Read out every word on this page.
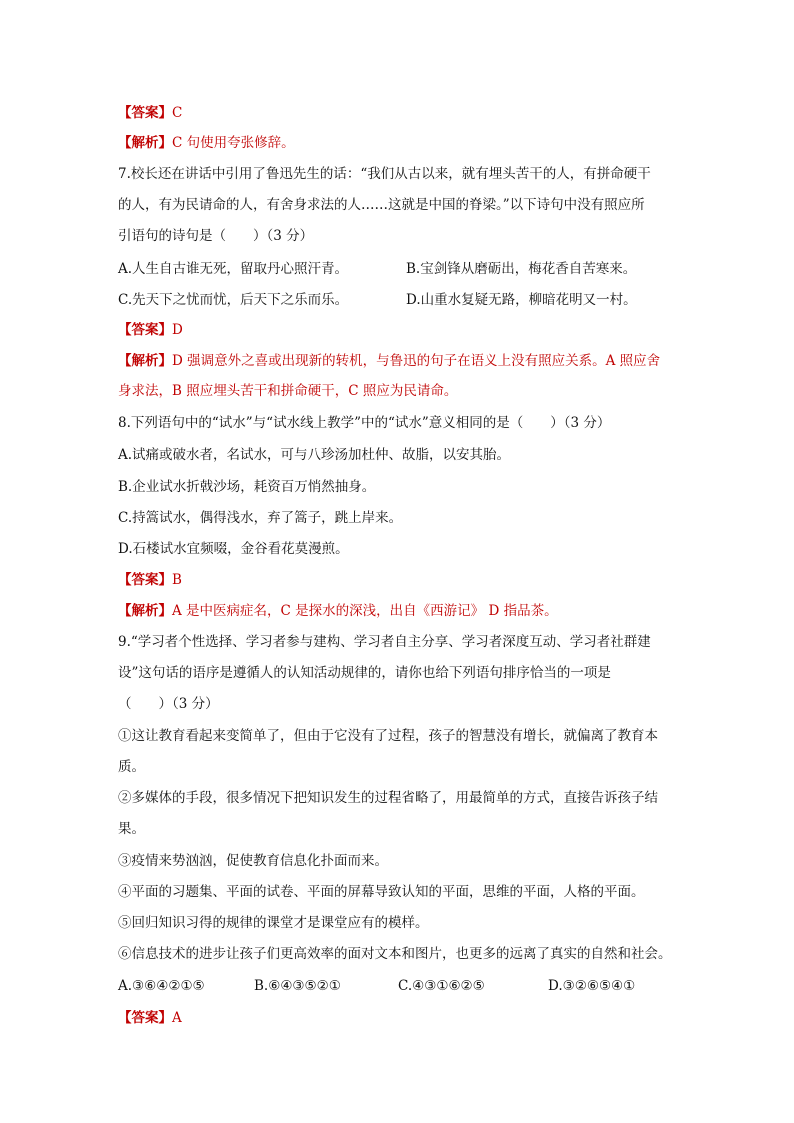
【答案】C
【解析】C 句使用夸张修辞。
7.校长还在讲话中引用了鲁迅先生的话：“我们从古以来，就有埋头苦干的人，有拼命硬干
的人，有为民请命的人，有舍身求法的人……这就是中国的脊梁。”以下诗句中没有照应所
引语句的诗句是（　　）（3 分）
A.人生自古谁无死，留取丹心照汗青。	B.宝剑锋从磨砺出，梅花香自苦寒来。
C.先天下之忧而忧，后天下之乐而乐。	D.山重水复疑无路，柳暗花明又一村。
【答案】D
【解析】D 强调意外之喜或出现新的转机，与鲁迅的句子在语义上没有照应关系。A 照应舍
身求法，B 照应埋头苦干和拼命硬干，C 照应为民请命。
8.下列语句中的“试水”与“试水线上教学”中的“试水”意义相同的是（　　）（3 分）
A.试痛或破水者，名试水，可与八珍汤加杜仲、故脂，以安其胎。
B.企业试水折戟沙场，耗资百万悄然抽身。
C.持篙试水，偶得浅水，弃了篙子，跳上岸来。
D.石楼试水宜频啜，金谷看花莫漫煎。
【答案】B
【解析】A 是中医病症名，C 是探水的深浅，出自《西游记》 D 指品茶。
9.“学习者个性选择、学习者参与建构、学习者自主分享、学习者深度互动、学习者社群建
设”这句话的语序是遵循人的认知活动规律的，请你也给下列语句排序恰当的一项是
（　　）（3 分）
①这让教育看起来变简单了，但由于它没有了过程，孩子的智慧没有增长，就偏离了教育本
质。
②多媒体的手段，很多情况下把知识发生的过程省略了，用最简单的方式，直接告诉孩子结
果。
③疫情来势汹汹，促使教育信息化扑面而来。
④平面的习题集、平面的试卷、平面的屏幕导致认知的平面，思维的平面，人格的平面。
⑤回归知识习得的规律的课堂才是课堂应有的模样。
⑥信息技术的进步让孩子们更高效率的面对文本和图片，也更多的远离了真实的自然和社会。
A.③⑥④②①⑤	B.⑥④③⑤②①	C.④③①⑥②⑤	D.③②⑥⑤④①
【答案】A
